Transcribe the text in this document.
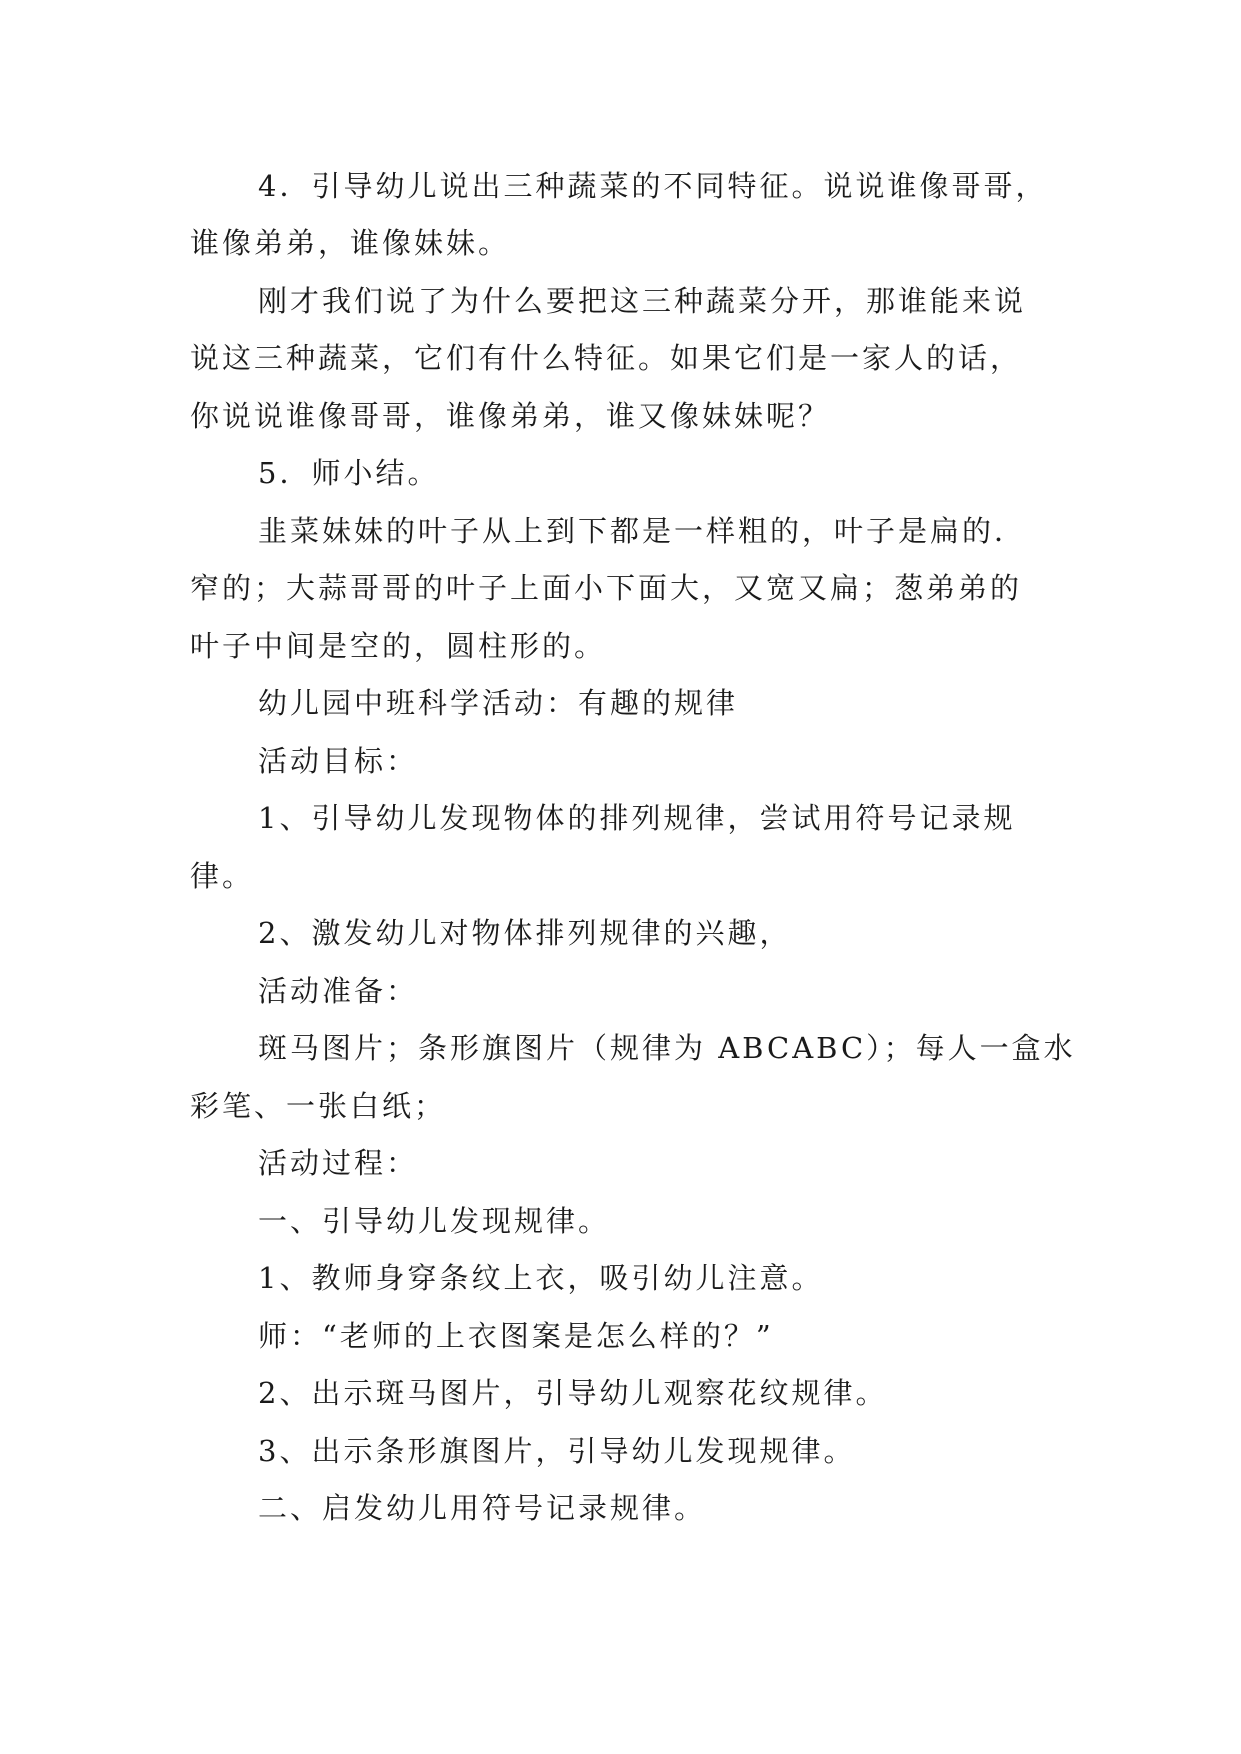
4．引导幼儿说出三种蔬菜的不同特征。说说谁像哥哥，
谁像弟弟，谁像妹妹。
刚才我们说了为什么要把这三种蔬菜分开，那谁能来说
说这三种蔬菜，它们有什么特征。如果它们是一家人的话，
你说说谁像哥哥，谁像弟弟，谁又像妹妹呢？
5．师小结。
韭菜妹妹的叶子从上到下都是一样粗的，叶子是扁的．
窄的；大蒜哥哥的叶子上面小下面大，又宽又扁；葱弟弟的
叶子中间是空的，圆柱形的。
幼儿园中班科学活动：有趣的规律
活动目标：
1、引导幼儿发现物体的排列规律，尝试用符号记录规
律。
2、激发幼儿对物体排列规律的兴趣，
活动准备：
斑马图片；条形旗图片（规律为 ABCABC）；每人一盒水
彩笔、一张白纸；
活动过程：
一、引导幼儿发现规律。
1、教师身穿条纹上衣，吸引幼儿注意。
师：“老师的上衣图案是怎么样的？”
2、出示斑马图片，引导幼儿观察花纹规律。
3、出示条形旗图片，引导幼儿发现规律。
二、启发幼儿用符号记录规律。
